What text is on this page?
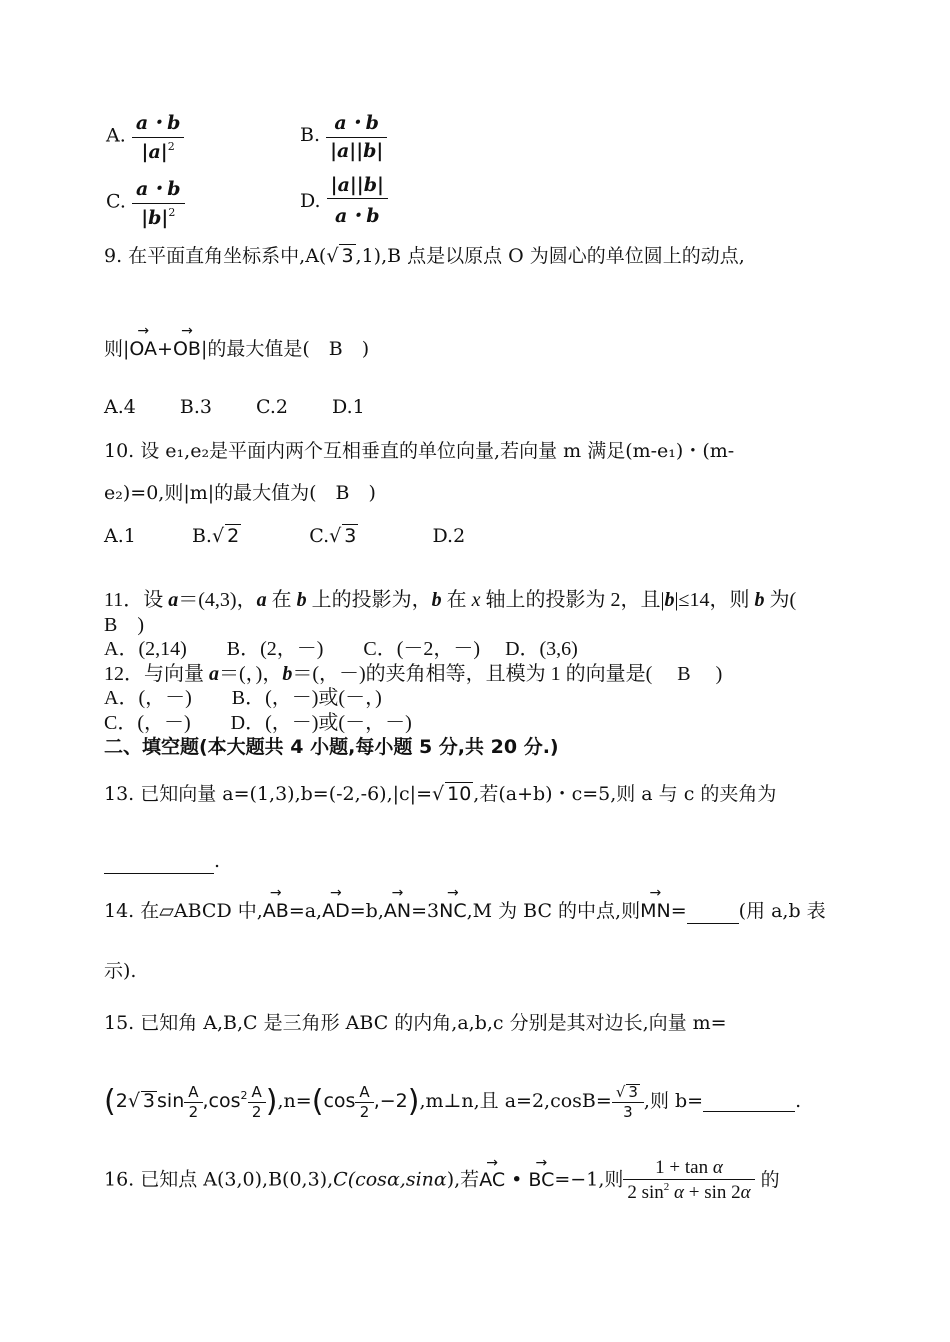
A. $\frac{a・b}{|a|^2}$	B. $\frac{a・b}{|a||b|}$
C. $\frac{a・b}{|b|^2}$	D. $\frac{|a||b|}{a・b}$
9. 在平面直角坐标系中,A(√ 3 ,1),B 点是以原点 O 为圆心的单位圆上的动点,
则|→ OA+→ OB|的最大值是(　B　)
A.4　　 B.3　　 C.2　　 D.1
10. 设 e₁,e₂是平面内两个互相垂直的单位向量,若向量 m 满足(m-e₁)・(m-
e₂)=0,则|m|的最大值为(　B　)
A.1	B.√ 2	C.√ 3	D.2
11．设 a＝(4,3)，a 在 b 上的投影为，b 在 x 轴上的投影为 2，且|b|≤14，则 b 为(
B　)
A．(2,14)　　B．(2，－)　　C．(－2，－)　 D．(3,6)
12．与向量 a＝(，)，b＝(，－)的夹角相等，且模为 1 的向量是(　 B　 )
A．(，－)　　B．(，－)或(－，)
C．(，－)　　D．(，－)或(－，－)
二、填空题(本大题共 4 小题,每小题 5 分,共 20 分.)
13. 已知向量 a=(1,3),b=(-2,-6),|c|=√ 10 ,若(a+b)・c=5,则 a 与 c 的夹角为
.
14. 在▱ABCD 中,→ AB=a,→ AD=b,→ AN=3→ NC,M 为 BC 的中点,则→ MN=	(用 a,b 表
示).
15. 已知角 A,B,C 是三角形 ABC 的内角,a,b,c 分别是其对边长,向量 m=
(2√ 3 $\sin \frac{A}{2} ,\cos^2 \frac{A}{2} ),n=(\cos \frac{A}{2}$ ,−2),m⊥n,且 $a=2,\cos B= \frac{√ 3}{3}$ ,则 b=	.
16. 已知点 A(3,0),B(0,3),C(cosα,sinα),若→ AC • → BC=−1,则 $\frac{\text{1 + tan α}}{2 \sin^2 \alpha + \sin 2\alpha}$ 的
